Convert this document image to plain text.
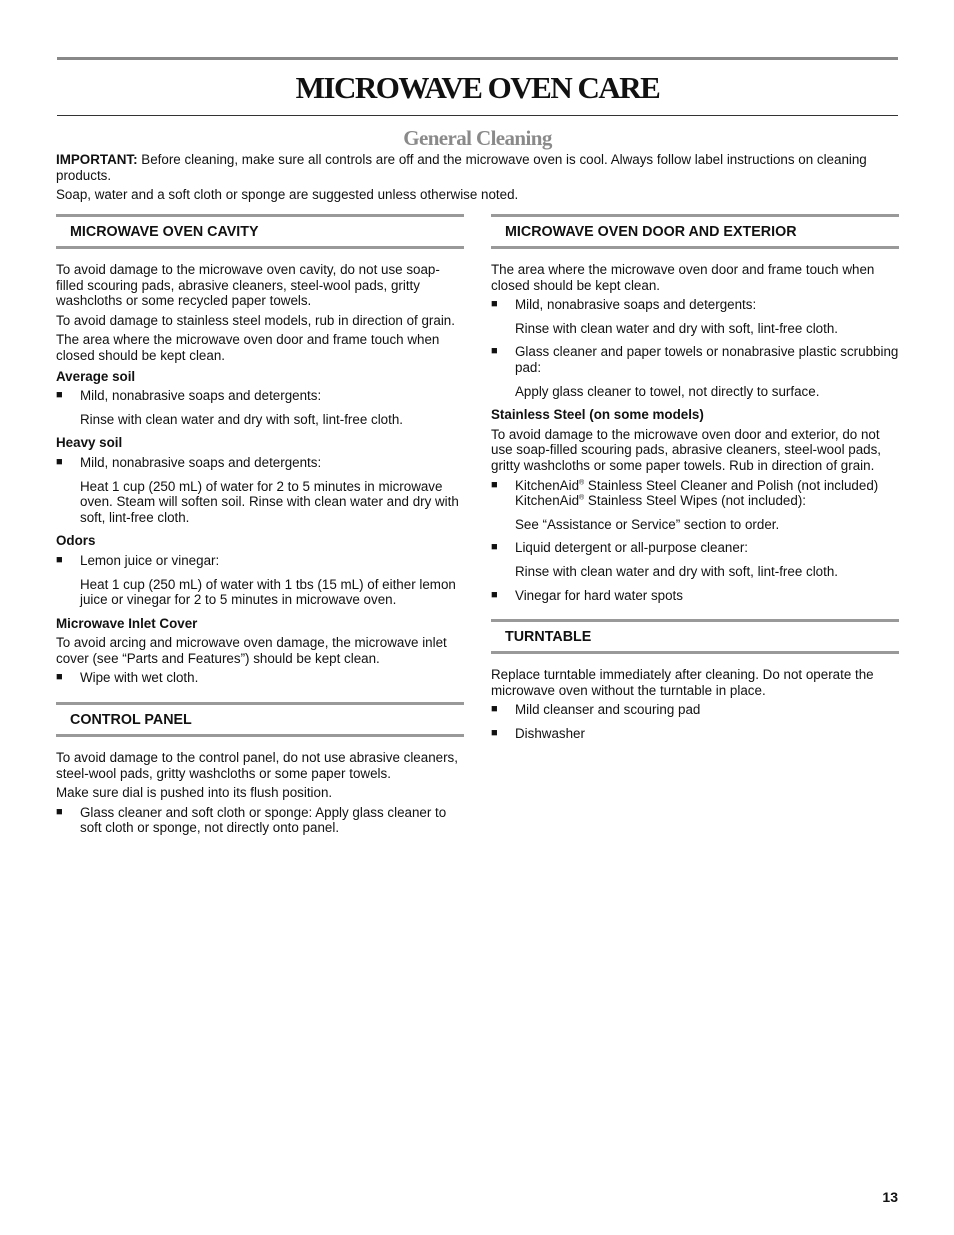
MICROWAVE OVEN CARE
General Cleaning

IMPORTANT: Before cleaning, make sure all controls are off and the microwave oven is cool. Always follow label instructions on cleaning products.

Soap, water and a soft cloth or sponge are suggested unless otherwise noted.

MICROWAVE OVEN CAVITY

To avoid damage to the microwave oven cavity, do not use soap-filled scouring pads, abrasive cleaners, steel-wool pads, gritty washcloths or some recycled paper towels.

To avoid damage to stainless steel models, rub in direction of grain.

The area where the microwave oven door and frame touch when closed should be kept clean.

Average soil

■ Mild, nonabrasive soaps and detergents:

Rinse with clean water and dry with soft, lint-free cloth.

Heavy soil

■ Mild, nonabrasive soaps and detergents:

Heat 1 cup (250 mL) of water for 2 to 5 minutes in microwave oven. Steam will soften soil. Rinse with clean water and dry with soft, lint-free cloth.

Odors

■ Lemon juice or vinegar:

Heat 1 cup (250 mL) of water with 1 tbs (15 mL) of either lemon juice or vinegar for 2 to 5 minutes in microwave oven.

Microwave Inlet Cover

To avoid arcing and microwave oven damage, the microwave inlet cover (see “Parts and Features”) should be kept clean.

■ Wipe with wet cloth.

CONTROL PANEL

To avoid damage to the control panel, do not use abrasive cleaners, steel-wool pads, gritty washcloths or some paper towels.

Make sure dial is pushed into its flush position.

■ Glass cleaner and soft cloth or sponge: Apply glass cleaner to soft cloth or sponge, not directly onto panel.

MICROWAVE OVEN DOOR AND EXTERIOR

The area where the microwave oven door and frame touch when closed should be kept clean.

■ Mild, nonabrasive soaps and detergents:

Rinse with clean water and dry with soft, lint-free cloth.

■ Glass cleaner and paper towels or nonabrasive plastic scrubbing pad:

Apply glass cleaner to towel, not directly to surface.

Stainless Steel (on some models)

To avoid damage to the microwave oven door and exterior, do not use soap-filled scouring pads, abrasive cleaners, steel-wool pads, gritty washcloths or some paper towels. Rub in direction of grain.

■ KitchenAid® Stainless Steel Cleaner and Polish (not included)
KitchenAid® Stainless Steel Wipes (not included):

See “Assistance or Service” section to order.

■ Liquid detergent or all-purpose cleaner:

Rinse with clean water and dry with soft, lint-free cloth.

■ Vinegar for hard water spots

TURNTABLE

Replace turntable immediately after cleaning. Do not operate the microwave oven without the turntable in place.

■ Mild cleanser and scouring pad

■ Dishwasher

13
